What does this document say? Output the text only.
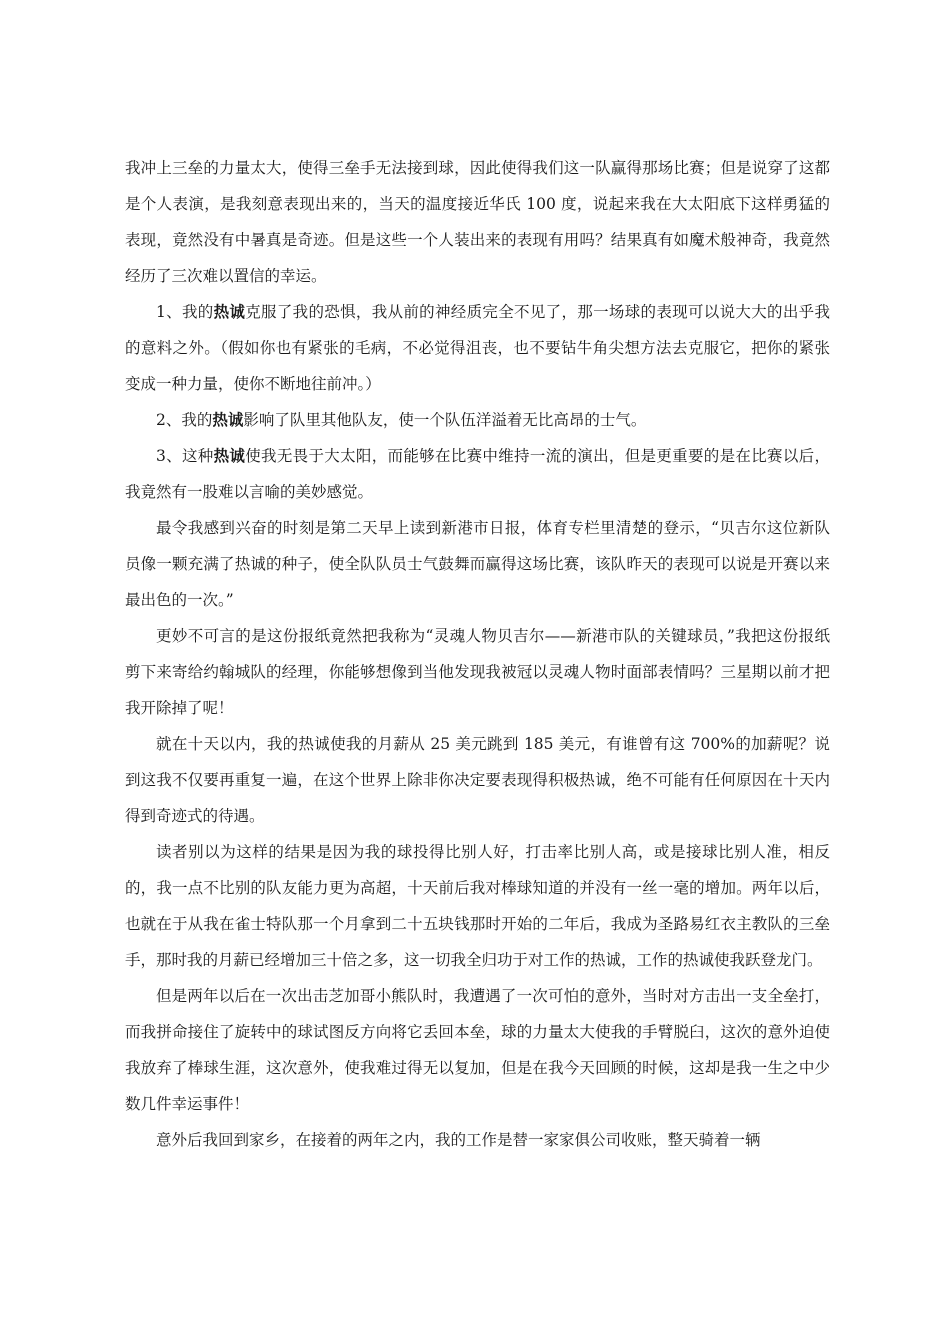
我冲上三垒的力量太大，使得三垒手无法接到球，因此使得我们这一队赢得那场比赛；但是说穿了这都是个人表演，是我刻意表现出来的，当天的温度接近华氏 100 度，说起来我在大太阳底下这样勇猛的表现，竟然没有中暑真是奇迹。但是这些一个人装出来的表现有用吗？结果真有如魔术般神奇，我竟然经历了三次难以置信的幸运。

1、我的热诚克服了我的恐惧，我从前的神经质完全不见了，那一场球的表现可以说大大的出乎我的意料之外。（假如你也有紧张的毛病，不必觉得沮丧，也不要钻牛角尖想方法去克服它，把你的紧张变成一种力量，使你不断地往前冲。）

2、我的热诚影响了队里其他队友，使一个队伍洋溢着无比高昂的士气。

3、这种热诚使我无畏于大太阳，而能够在比赛中维持一流的演出，但是更重要的是在比赛以后，我竟然有一股难以言喻的美妙感觉。

最令我感到兴奋的时刻是第二天早上读到新港市日报，体育专栏里清楚的登示，“贝吉尔这位新队员像一颗充满了热诚的种子，使全队队员士气鼓舞而赢得这场比赛，该队昨天的表现可以说是开赛以来最出色的一次。”

更妙不可言的是这份报纸竟然把我称为“灵魂人物贝吉尔——新港市队的关键球员，”我把这份报纸剪下来寄给约翰城队的经理，你能够想像到当他发现我被冠以灵魂人物时面部表情吗？三星期以前才把我开除掉了呢！

就在十天以内，我的热诚使我的月薪从 25 美元跳到 185 美元，有谁曾有这 700%的加薪呢？说到这我不仅要再重复一遍，在这个世界上除非你决定要表现得积极热诚，绝不可能有任何原因在十天内得到奇迹式的待遇。

读者别以为这样的结果是因为我的球投得比别人好，打击率比别人高，或是接球比别人准，相反的，我一点不比别的队友能力更为高超，十天前后我对棒球知道的并没有一丝一毫的增加。两年以后，也就在于从我在雀士特队那一个月拿到二十五块钱那时开始的二年后，我成为圣路易红衣主教队的三垒手，那时我的月薪已经增加三十倍之多，这一切我全归功于对工作的热诚，工作的热诚使我跃登龙门。

但是两年以后在一次出击芝加哥小熊队时，我遭遇了一次可怕的意外，当时对方击出一支全垒打，而我拼命接住了旋转中的球试图反方向将它丢回本垒，球的力量太大使我的手臂脱臼，这次的意外迫使我放弃了棒球生涯，这次意外，使我难过得无以复加，但是在我今天回顾的时候，这却是我一生之中少数几件幸运事件！

意外后我回到家乡，在接着的两年之内，我的工作是替一家家俱公司收账，整天骑着一辆
